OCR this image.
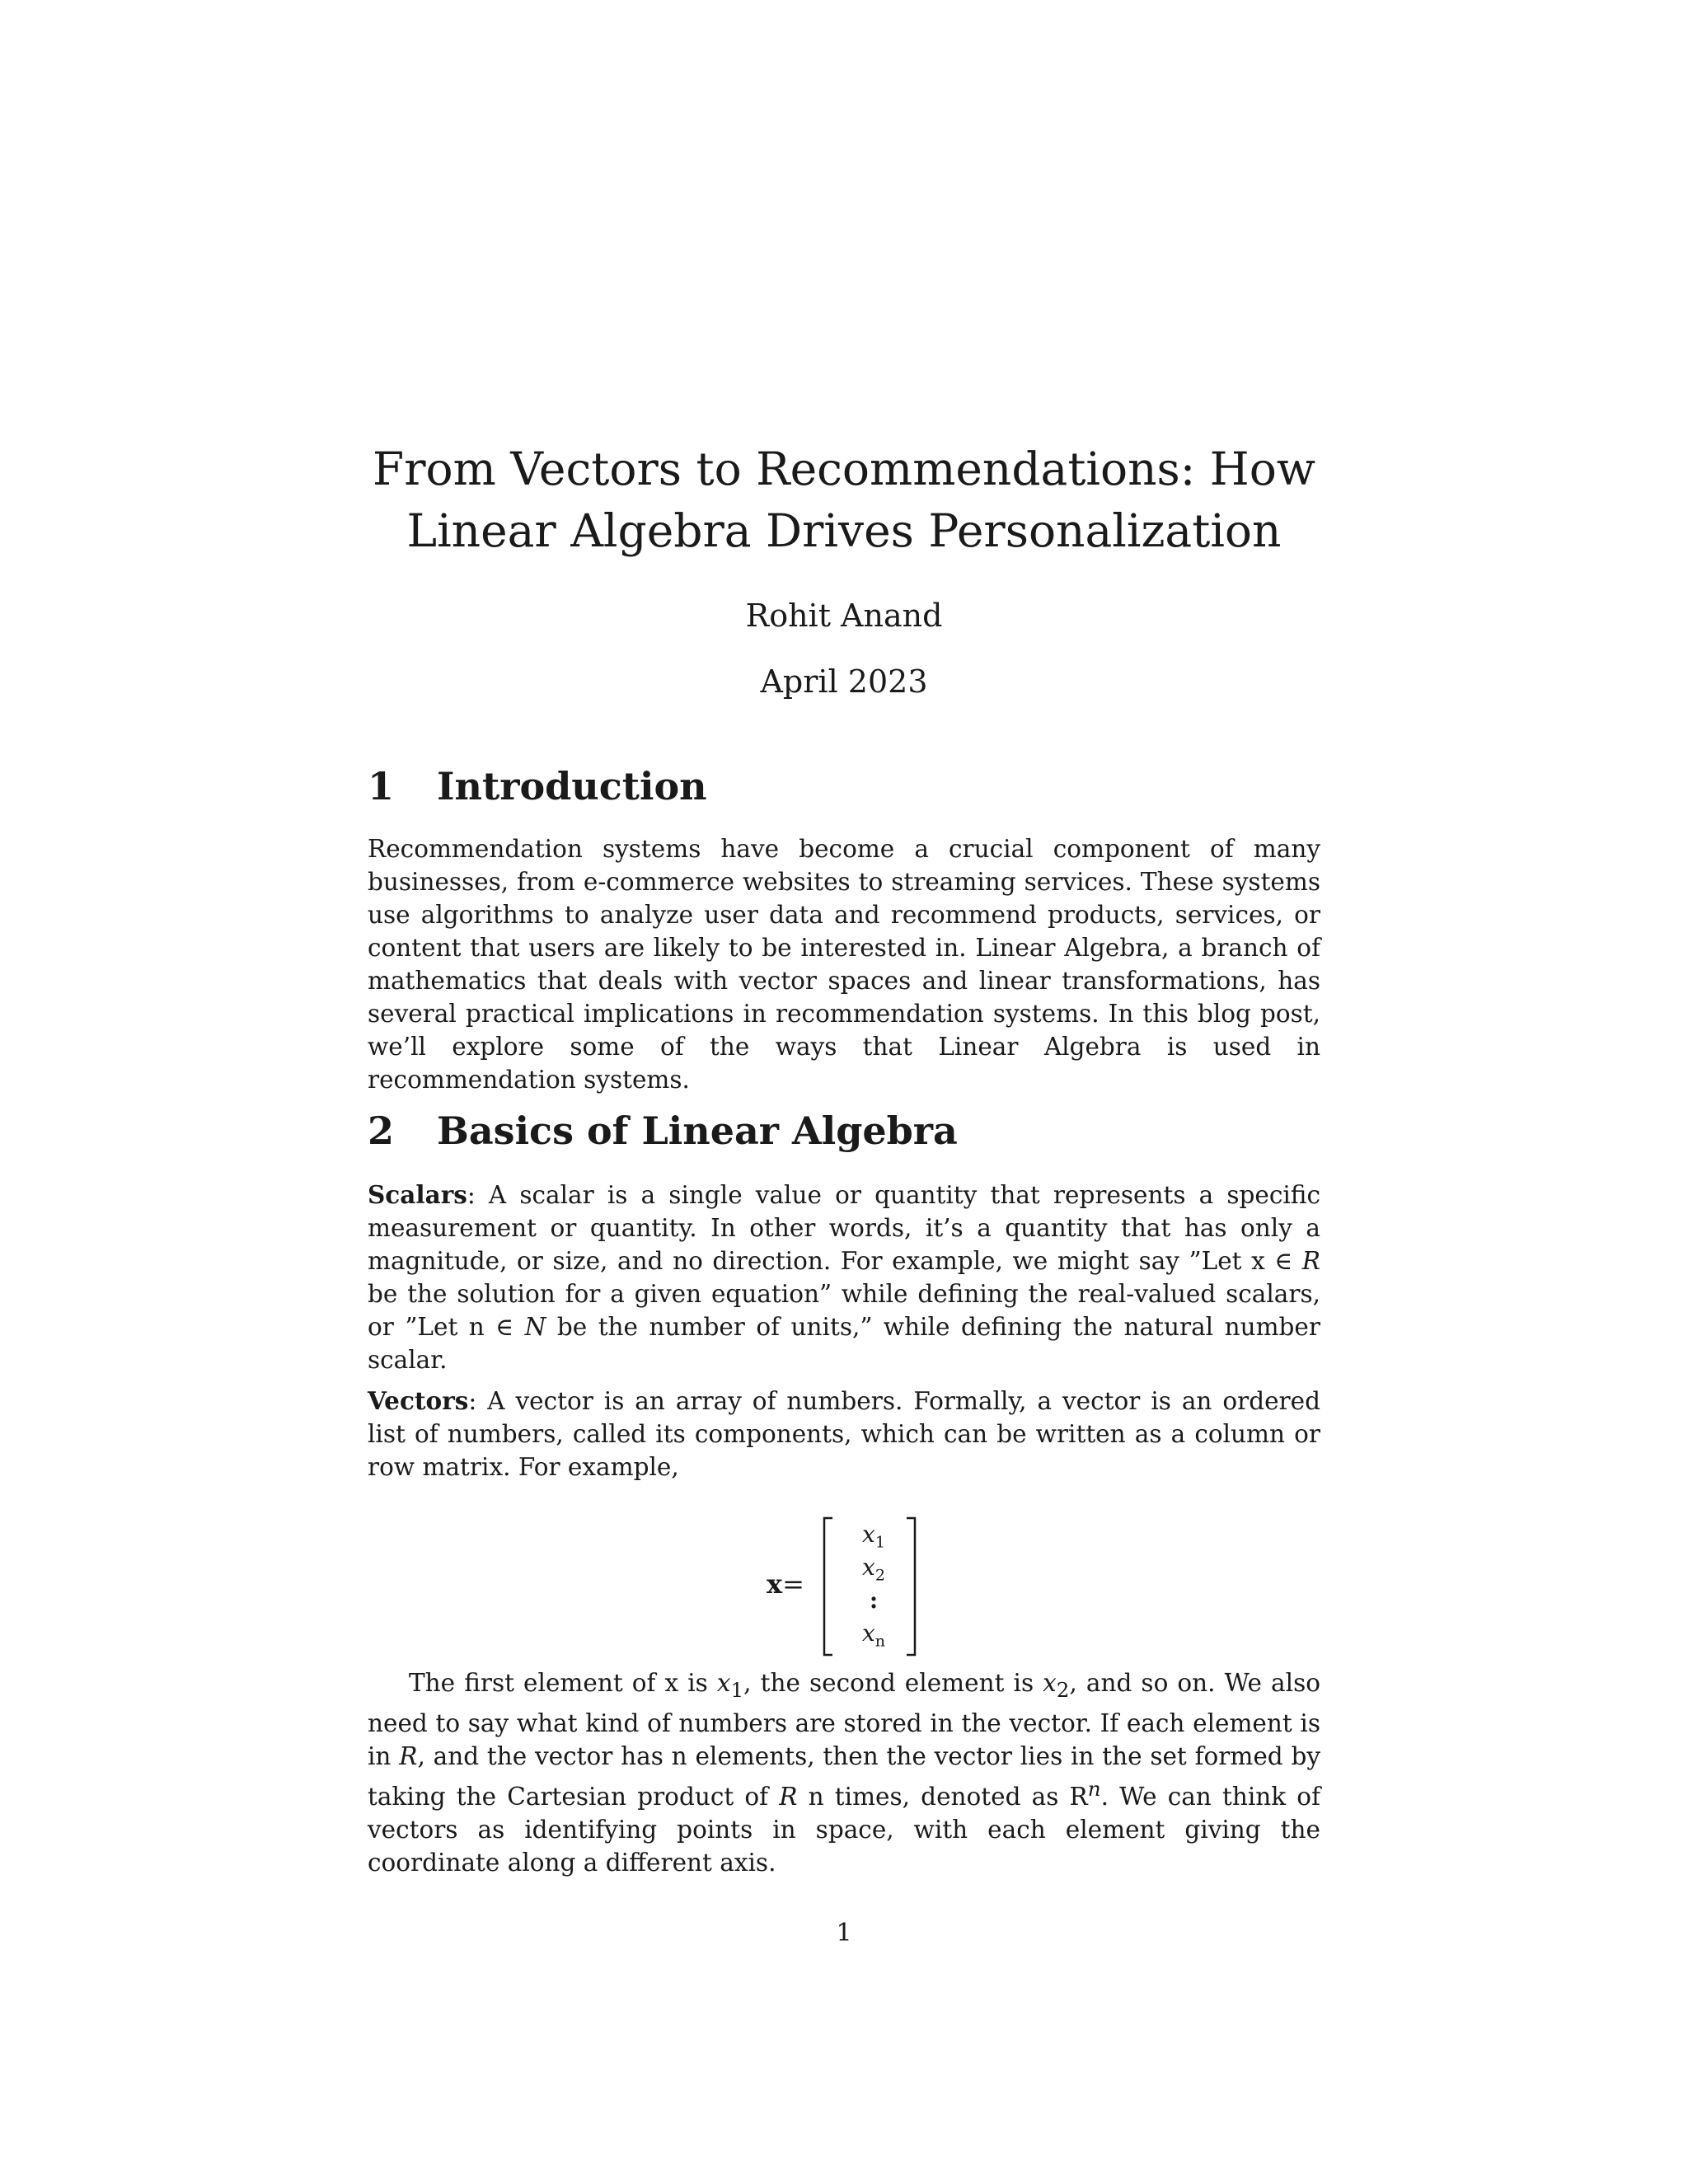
From Vectors to Recommendations: How Linear Algebra Drives Personalization
Rohit Anand
April 2023
1 Introduction

Recommendation systems have become a crucial component of many businesses, from e-commerce websites to streaming services. These systems use algorithms to analyze user data and recommend products, services, or content that users are likely to be interested in. Linear Algebra, a branch of mathematics that deals with vector spaces and linear transformations, has several practical implications in recommendation systems. In this blog post, we’ll explore some of the ways that Linear Algebra is used in recommendation systems.

2 Basics of Linear Algebra

Scalars: A scalar is a single value or quantity that represents a specific measurement or quantity. In other words, it’s a quantity that has only a magnitude, or size, and no direction. For example, we might say ”Let x ∈ R be the solution for a given equation” while defining the real-valued scalars, or ”Let n ∈ N be the number of units,” while defining the natural number scalar.

Vectors: A vector is an array of numbers. Formally, a vector is an ordered list of numbers, called its components, which can be written as a column or row matrix. For example,

x=
$x_1$
$x_2$
:
$x_n$

The first element of x is $x_1$, the second element is $x_2$, and so on. We also need to say what kind of numbers are stored in the vector. If each element is in R, and the vector has n elements, then the vector lies in the set formed by taking the Cartesian product of R n times, denoted as $R^n$. We can think of vectors as identifying points in space, with each element giving the coordinate along a different axis.

1
